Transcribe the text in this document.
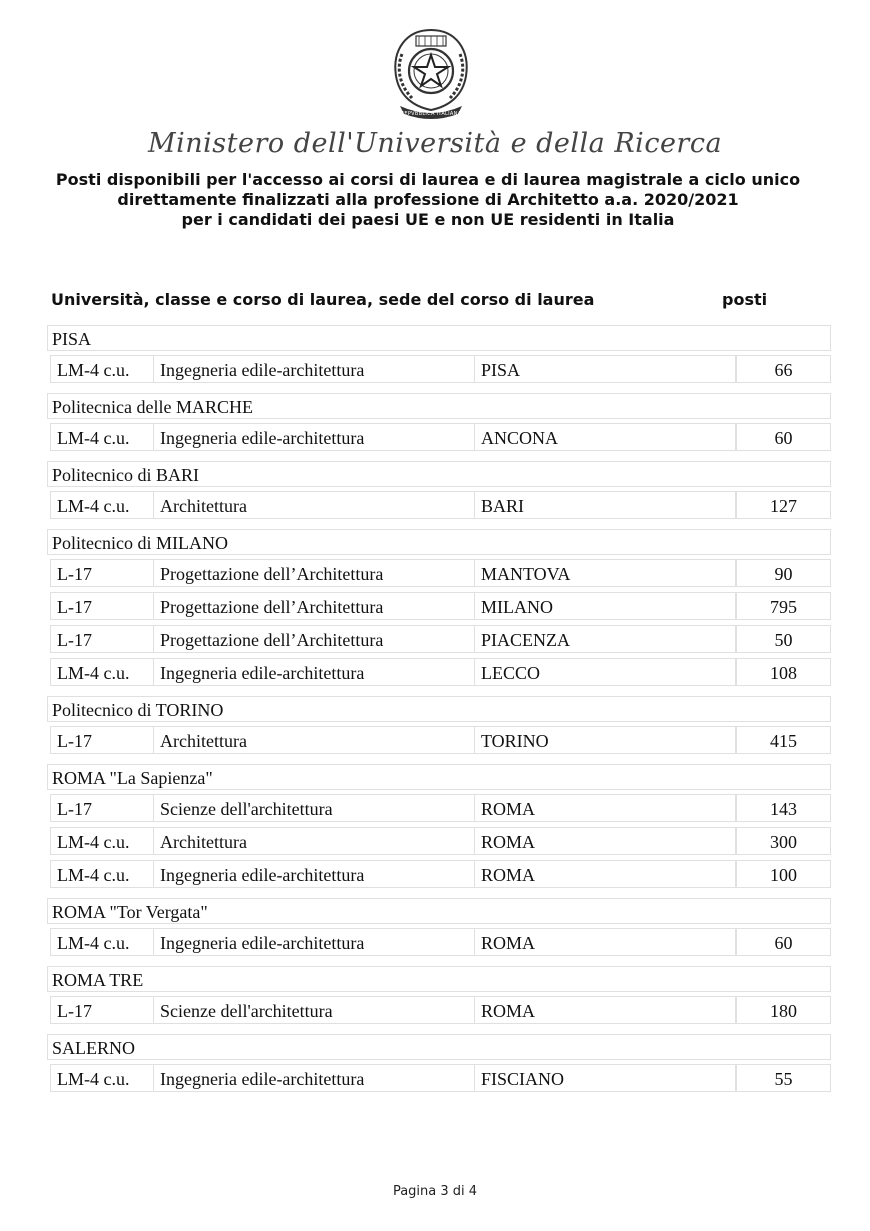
REPVBBLICA ITALIANA
Ministero dell'Università e della Ricerca
Posti disponibili per l'accesso ai corsi di laurea e di laurea magistrale a ciclo unico
direttamente finalizzati alla professione di Architetto a.a. 2020/2021
per i candidati dei paesi UE e non UE residenti in Italia
Università, classe e corso di laurea, sede del corso di laurea	posti
PISA
LM-4 c.u.	Ingegneria edile-architettura	PISA	66
Politecnica delle MARCHE
LM-4 c.u.	Ingegneria edile-architettura	ANCONA	60
Politecnico di BARI
LM-4 c.u.	Architettura	BARI	127
Politecnico di MILANO
L-17	Progettazione dell’Architettura	MANTOVA	90
L-17	Progettazione dell’Architettura	MILANO	795
L-17	Progettazione dell’Architettura	PIACENZA	50
LM-4 c.u.	Ingegneria edile-architettura	LECCO	108
Politecnico di TORINO
L-17	Architettura	TORINO	415
ROMA "La Sapienza"
L-17	Scienze dell'architettura	ROMA	143
LM-4 c.u.	Architettura	ROMA	300
LM-4 c.u.	Ingegneria edile-architettura	ROMA	100
ROMA "Tor Vergata"
LM-4 c.u.	Ingegneria edile-architettura	ROMA	60
ROMA TRE
L-17	Scienze dell'architettura	ROMA	180
SALERNO
LM-4 c.u.	Ingegneria edile-architettura	FISCIANO	55
Pagina 3 di 4
